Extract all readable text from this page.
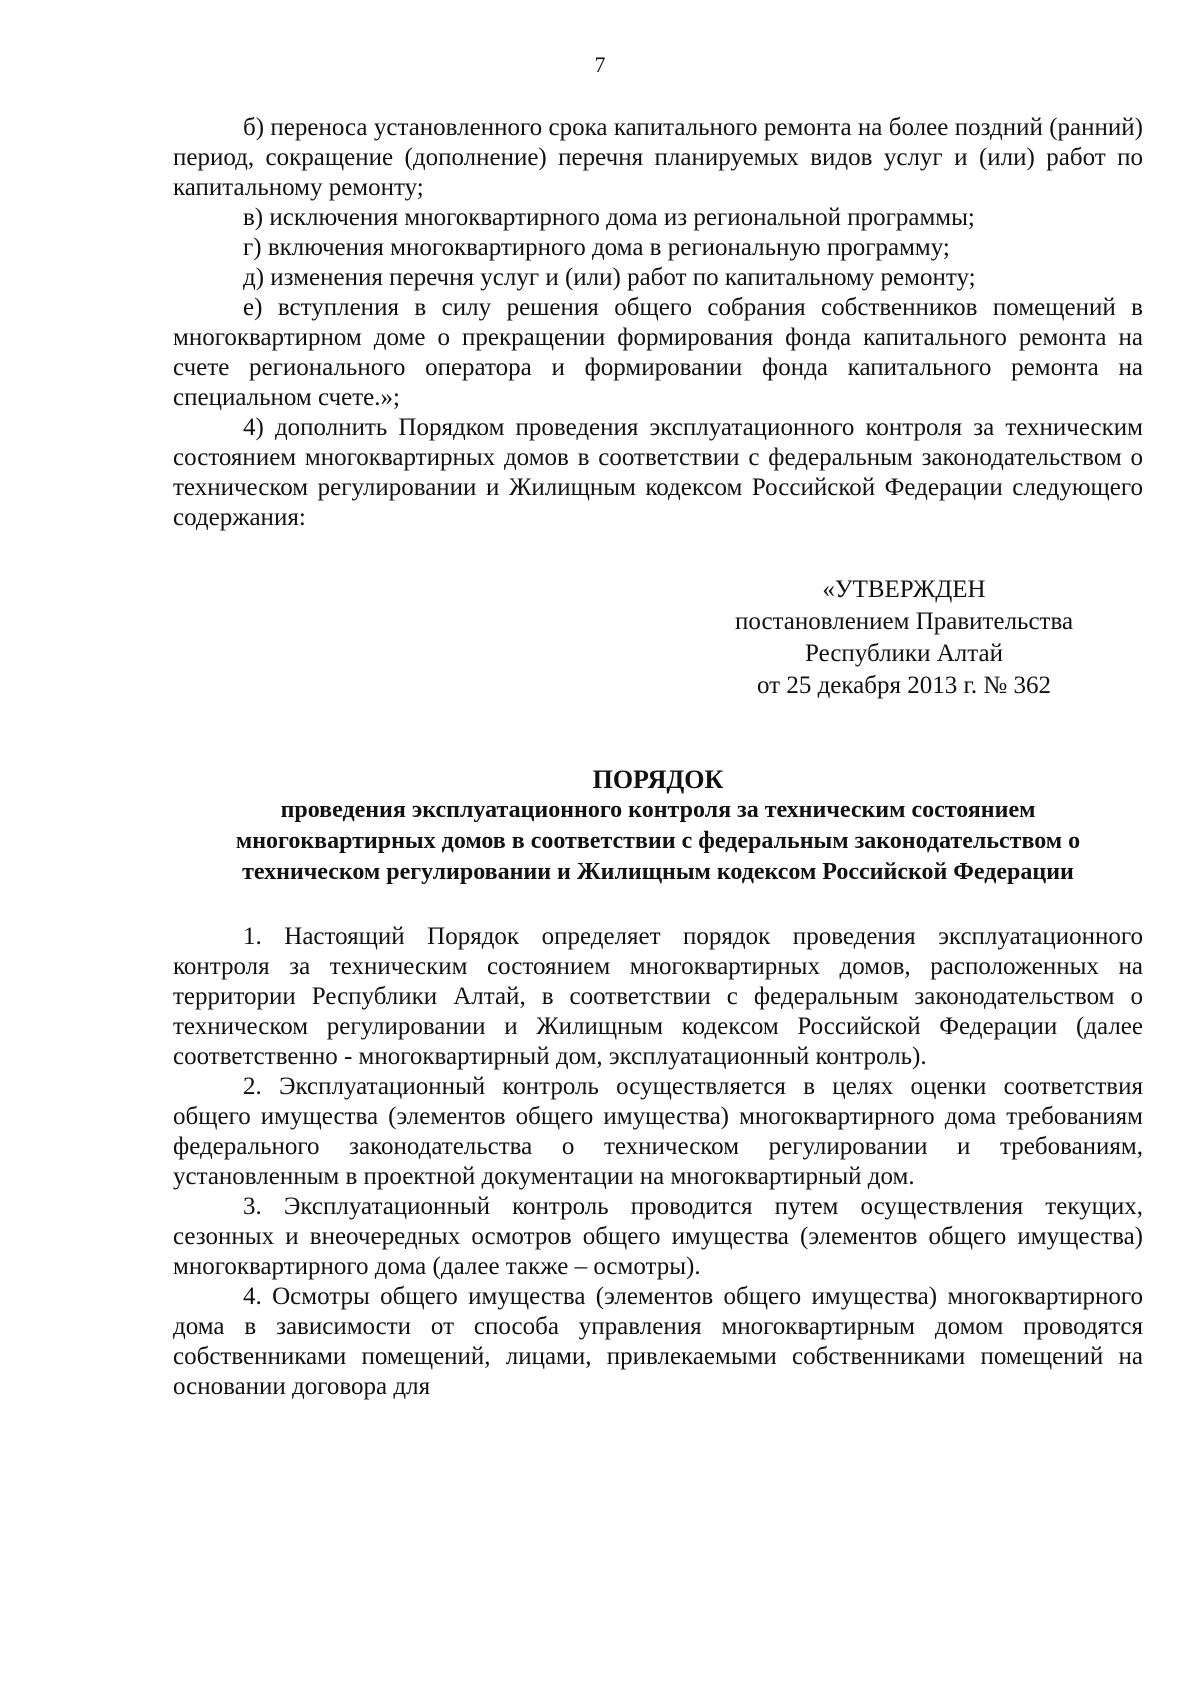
7

б) переноса установленного срока капитального ремонта на более поздний (ранний) период, сокращение (дополнение) перечня планируемых видов услуг и (или) работ по капитальному ремонту;

в) исключения многоквартирного дома из региональной программы;

г) включения многоквартирного дома в региональную программу;

д) изменения перечня услуг и (или) работ по капитальному ремонту;

е) вступления в силу решения общего собрания собственников помещений в многоквартирном доме о прекращении формирования фонда капитального ремонта на счете регионального оператора и формировании фонда капитального ремонта на специальном счете.»;

4) дополнить Порядком проведения эксплуатационного контроля за техническим состоянием многоквартирных домов в соответствии с федеральным законодательством о техническом регулировании и Жилищным кодексом Российской Федерации следующего содержания:

«УТВЕРЖДЕН
постановлением Правительства
Республики Алтай
от 25 декабря 2013 г. № 362
ПОРЯДОК
проведения эксплуатационного контроля за техническим состоянием многоквартирных домов в соответствии с федеральным законодательством о техническом регулировании и Жилищным кодексом Российской Федерации

1. Настоящий Порядок определяет порядок проведения эксплуатационного контроля за техническим состоянием многоквартирных домов, расположенных на территории Республики Алтай, в соответствии с федеральным законодательством о техническом регулировании и Жилищным кодексом Российской Федерации (далее соответственно - многоквартирный дом, эксплуатационный контроль).

2. Эксплуатационный контроль осуществляется в целях оценки соответствия общего имущества (элементов общего имущества) многоквартирного дома требованиям федерального законодательства о техническом регулировании и требованиям, установленным в проектной документации на многоквартирный дом.

3. Эксплуатационный контроль проводится путем осуществления текущих, сезонных и внеочередных осмотров общего имущества (элементов общего имущества) многоквартирного дома (далее также – осмотры).

4. Осмотры общего имущества (элементов общего имущества) многоквартирного дома в зависимости от способа управления многоквартирным домом проводятся собственниками помещений, лицами, привлекаемыми собственниками помещений на основании договора для
